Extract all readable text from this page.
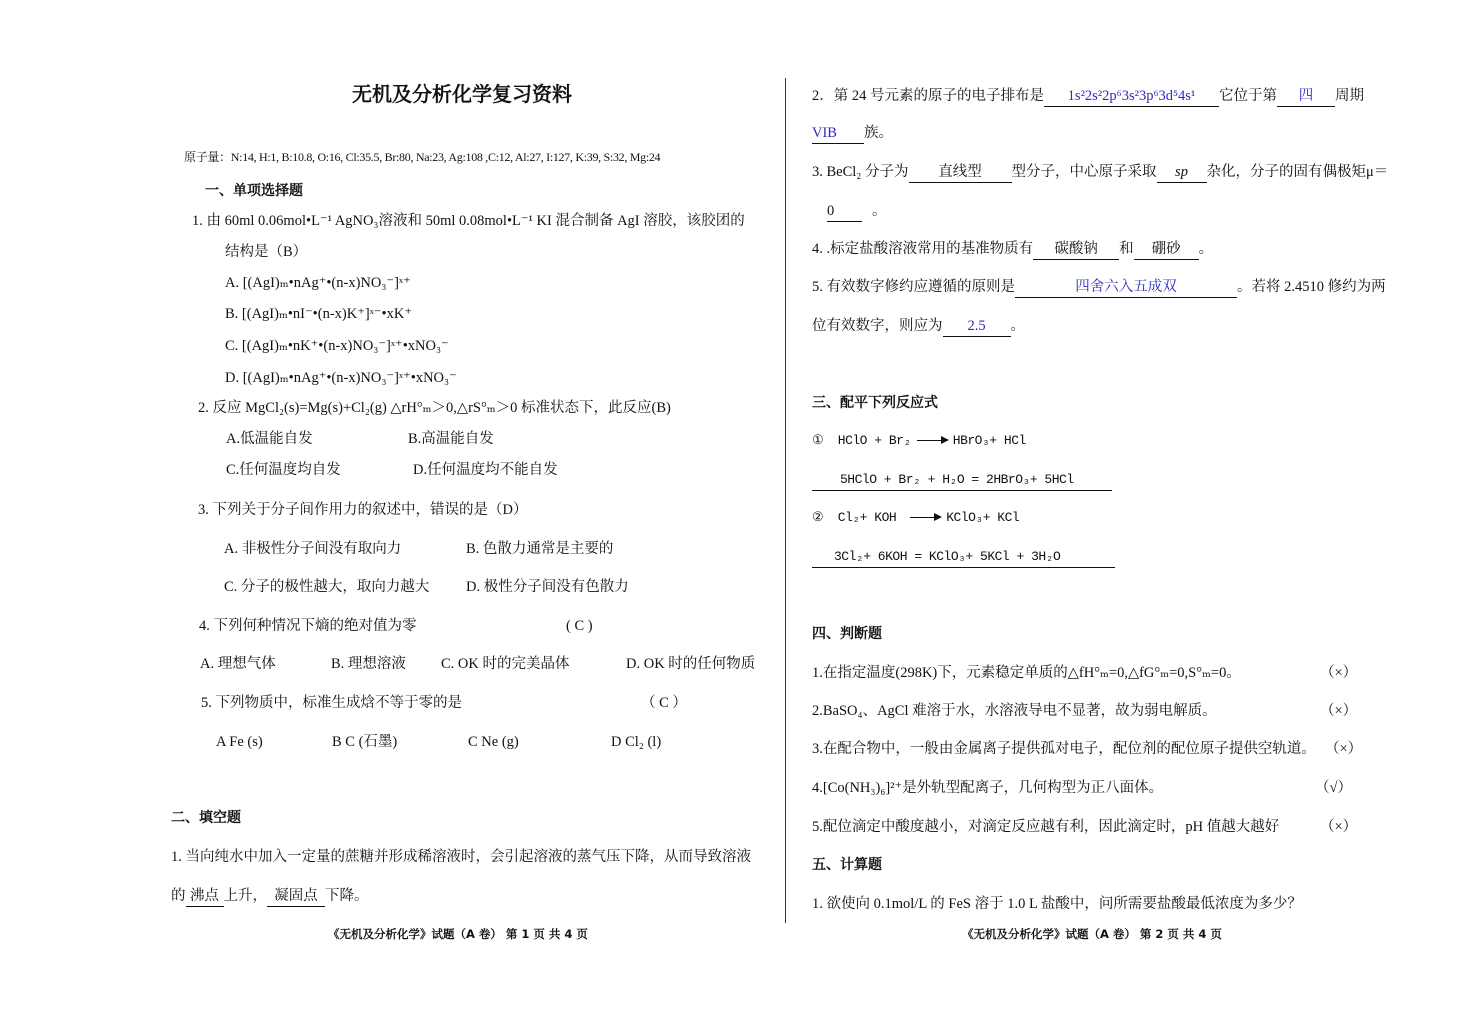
无机及分析化学复习资料
原子量：N:14, H:1, B:10.8, O:16, Cl:35.5, Br:80, Na:23, Ag:108 ,C:12, Al:27, I:127, K:39, S:32, Mg:24
一、单项选择题
1. 由 60ml 0.06mol•L⁻¹ AgNO₃溶液和 50ml 0.08mol•L⁻¹ KI 混合制备 AgI 溶胶，该胶团的
结构是（B）
A. [(AgI)ₘ•nAg⁺•(n-x)NO₃⁻]ˣ⁺
B. [(AgI)ₘ•nI⁻•(n-x)K⁺]ˣ⁻•xK⁺
C. [(AgI)ₘ•nK⁺•(n-x)NO₃⁻]ˣ⁺•xNO₃⁻
D. [(AgI)ₘ•nAg⁺•(n-x)NO₃⁻]ˣ⁺•xNO₃⁻
2. 反应 MgCl₂(s)=Mg(s)+Cl₂(g) △rH°ₘ＞0,△rS°ₘ＞0 标准状态下，此反应(B)
A.低温能自发	B.高温能自发
C.任何温度均自发	D.任何温度均不能自发
3. 下列关于分子间作用力的叙述中，错误的是（D）
A. 非极性分子间没有取向力	B. 色散力通常是主要的
C. 分子的极性越大，取向力越大	D. 极性分子间没有色散力
4. 下列何种情况下熵的绝对值为零	( C )
A. 理想气体	B. 理想溶液 C. OK 时的完美晶体	D. OK 时的任何物质
5. 下列物质中，标准生成焓不等于零的是	（ C ）
A Fe (s)	B C (石墨)	C Ne (g)	D Cl₂ (l)
二、填空题
1. 当向纯水中加入一定量的蔗糖并形成稀溶液时，会引起溶液的蒸气压下降，从而导致溶液
的 沸点 上升， 凝固点 下降。
《无机及分析化学》试题（A 卷） 第 1 页 共 4 页
2．第 24 号元素的原子的电子排布是 1s²2s²2p⁶3s²3p⁶3d⁵4s¹ 它位于第 四 周期
VIB 族。
3. BeCl₂ 分子为 直线型 型分子，中心原子采取 sp 杂化，分子的固有偶极矩μ＝
0	。
4. .标定盐酸溶液常用的基准物质有 碳酸钠 和 硼砂 。
5. 有效数字修约应遵循的原则是	四舍六入五成双	。若将 2.4510 修约为两
位有效数字，则应为 2.5 。
三、配平下列反应式
① HClO + Br₂	HBrO₃+ HCl
5HClO + Br₂ + H₂O = 2HBrO₃+ 5HCl
② Cl₂+ KOH	KClO₃+ KCl
3Cl₂+ 6KOH = KClO₃+ 5KCl + 3H₂O
四、判断题
1.在指定温度(298K)下，元素稳定单质的△fH°ₘ=0,△fG°ₘ=0,S°ₘ=0。	（×）
2.BaSO₄、AgCl 难溶于水，水溶液导电不显著，故为弱电解质。	（×）
3.在配合物中，一般由金属离子提供孤对电子，配位剂的配位原子提供空轨道。 （×）
4.[Co(NH₃)₆]²⁺是外轨型配离子，几何构型为正八面体。	（√）
5.配位滴定中酸度越小，对滴定反应越有利，因此滴定时，pH 值越大越好	（×）
五、计算题
1. 欲使向 0.1mol/L 的 FeS 溶于 1.0 L 盐酸中，问所需要盐酸最低浓度为多少？
《无机及分析化学》试题（A 卷） 第 2 页 共 4 页
